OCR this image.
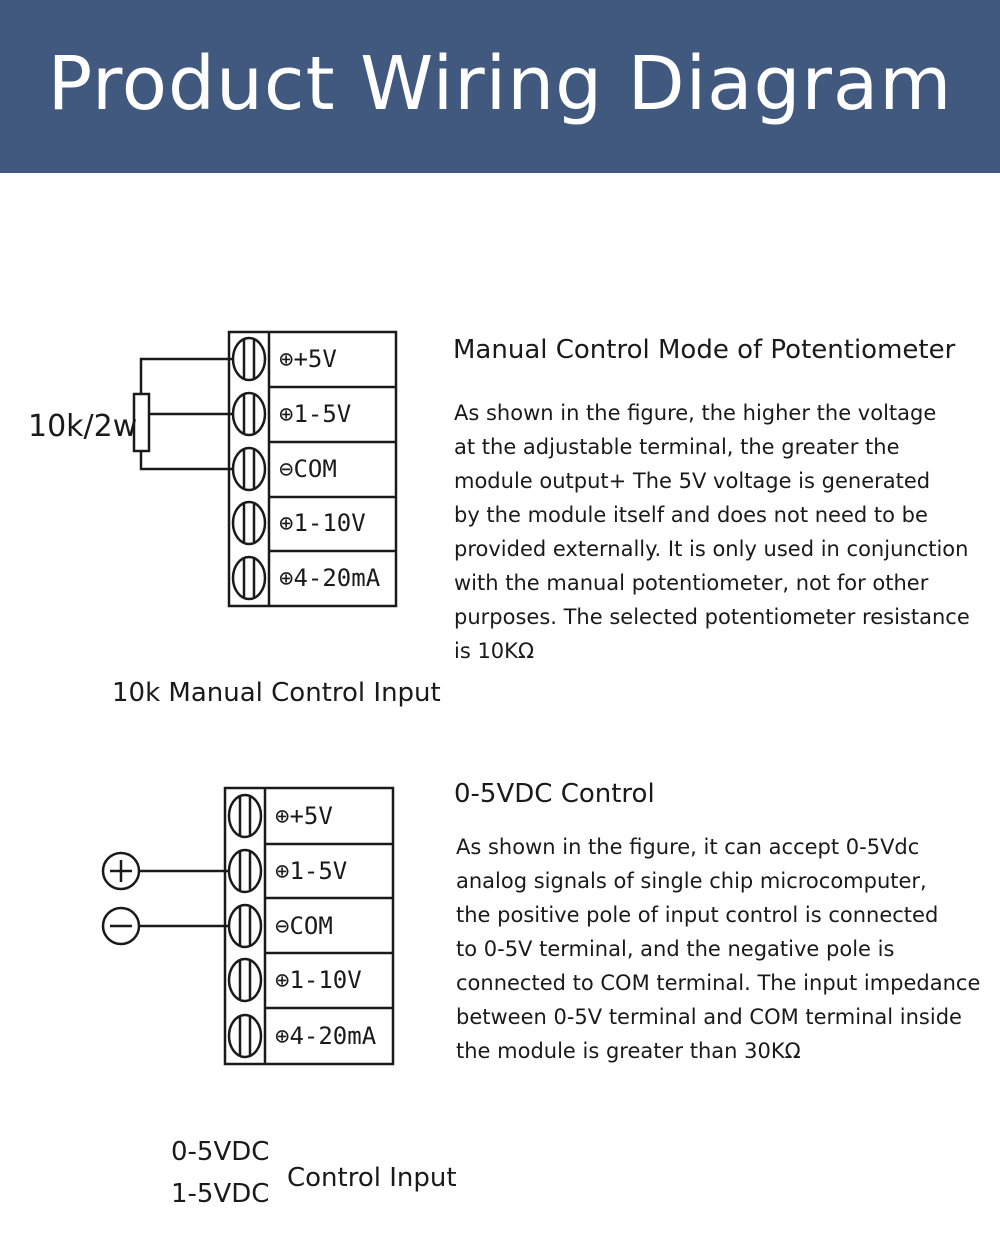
Product Wiring Diagram
⊕+5V
⊕1-5V
⊖COM
⊕1-10V
⊕4-20mA
10k/2w
⊕+5V
⊕1-5V
⊖COM
⊕1-10V
⊕4-20mA
Manual Control Mode of Potentiometer

As shown in the figure, the higher the voltage
at the adjustable terminal, the greater the
module output+ The 5V voltage is generated
by the module itself and does not need to be
provided externally. It is only used in conjunction
with the manual potentiometer, not for other
purposes. The selected potentiometer resistance
is 10KΩ

10k Manual Control Input
0-5VDC Control

As shown in the figure, it can accept 0-5Vdc
analog signals of single chip microcomputer,
the positive pole of input control is connected
to 0-5V terminal, and the negative pole is
connected to COM terminal. The input impedance
between 0-5V terminal and COM terminal inside
the module is greater than 30KΩ

0-5VDC
1-5VDC
Control Input
